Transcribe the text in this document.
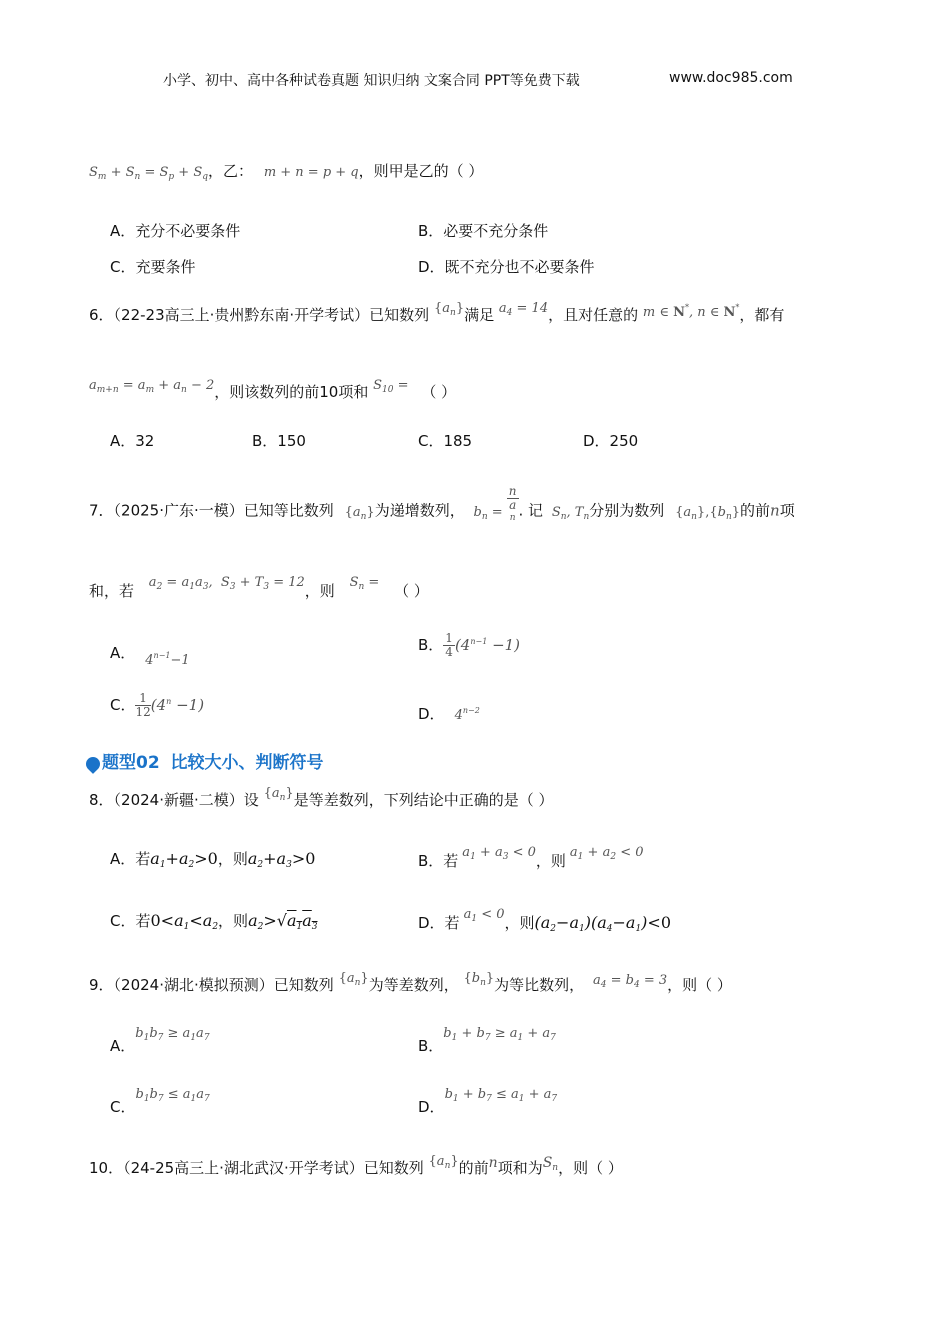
小学、初中、高中各种试卷真题 知识归纳 文案合同 PPT等免费下载	www.doc985.com
$S_m + S_n = S_p + S_q$，乙： m + n = p + q，则甲是乙的（ ）
A．充分不必要条件	B．必要不充分条件
C．充要条件	D．既不充分也不必要条件
6．（22-23高三上·贵州黔东南·开学考试）已知数列 $\{a_n\}$满足 $a_4 = 14$，且对任意的 m ∈ N*, n ∈ N*，都有
$a_{m+n} = a_m + a_n - 2$，则该数列的前10项和 $S_{10}$ = （ ）
A．32	B．150	C．185	D．250
7．（2025·广东·一模）已知等比数列 $\{a_n\}$为递增数列， $b_n = n$
a
n . 记 $S_n$, $T_n$分别为数列 $\{a_n\},\{b_n\}$的前n项
和，若 $a_2 = a_1a_3$,  $S_3 + T_3 = 12$，则 $S_n$ = （ ）
A． $4^{n-1}-1$
B． $\frac{1}{4} (4^{n-1} -1)$
C． $\frac{1}{12} (4^n -1)$	D． $4^{n-2}$
题型02 比较大小、判断符号
8．（2024·新疆·二模）设 $\{a_n\}$是等差数列，下列结论中正确的是（ ）
A．若$a_1+a_2>0$，则$a_2+a_3>0$	B．若 $a_1 + a_3 < 0$，则 $a_1 + a_2 < 0$
C．若$0<a_1<a_2$，则$a_2>√a_1a_3$	D．若 $a_1 < 0$，则$(a_2-a_1)(a_4-a_1)<0$
9．（2024·湖北·模拟预测）已知数列 $\{a_n\}$为等差数列， $\{b_n\}$为等比数列， $a_4 = b_4 = 3$，则（ ）
A．$b_1b_7 \ge a_1a_7$	B．$b_1 + b_7 \ge a_1 + a_7$
C．$b_1b_7 \le a_1a_7$	D．$b_1 + b_7 \le a_1 + a_7$
10．（24-25高三上·湖北武汉·开学考试）已知数列 $\{a_n\}$的前n项和为$S_n$，则（ ）
